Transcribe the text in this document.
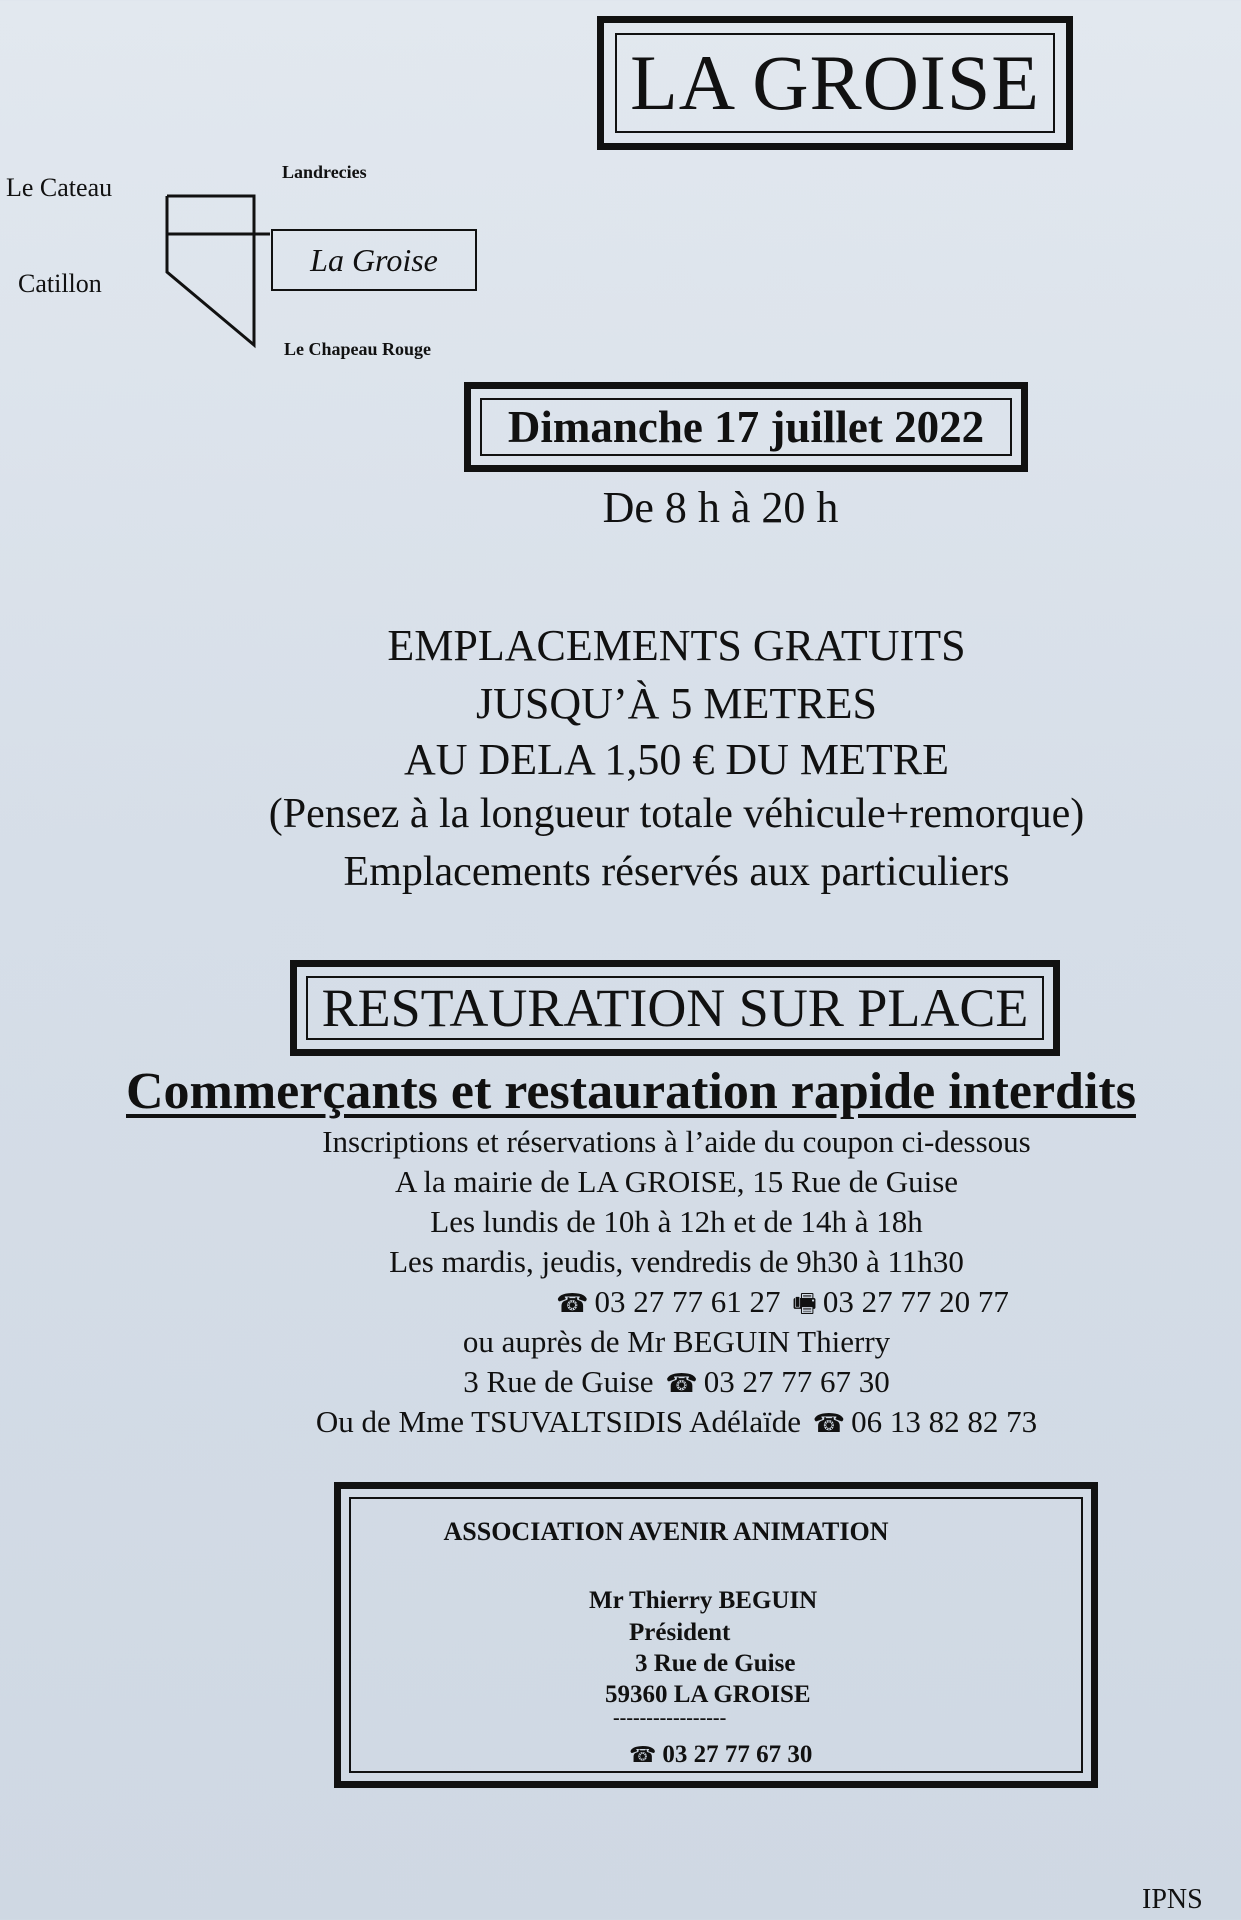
LA GROISE
Le Cateau
Catillon
Landrecies
Le Chapeau Rouge
La Groise
Dimanche 17 juillet 2022
De 8 h à 20 h
EMPLACEMENTS GRATUITS
JUSQU’À 5 METRES
AU DELA 1,50 € DU METRE
(Pensez à la longueur totale véhicule+remorque)
Emplacements réservés aux particuliers
RESTAURATION SUR PLACE
Commerçants et restauration rapide interdits
Inscriptions et réservations à l’aide du coupon ci-dessous
A la mairie de LA GROISE, 15 Rue de Guise
Les lundis de 10h à 12h et de 14h à 18h
Les mardis, jeudis, vendredis de 9h30 à 11h30
☎ 03 27 77 61 27 🖷 03 27 77 20 77
ou auprès de Mr BEGUIN Thierry
3 Rue de Guise ☎ 03 27 77 67 30
Ou de Mme TSUVALTSIDIS Adélaïde ☎ 06 13 82 82 73
ASSOCIATION AVENIR ANIMATION
Mr Thierry BEGUIN
Président
3 Rue de Guise
59360 LA GROISE
-----------------
☎ 03 27 77 67 30
IPNS
